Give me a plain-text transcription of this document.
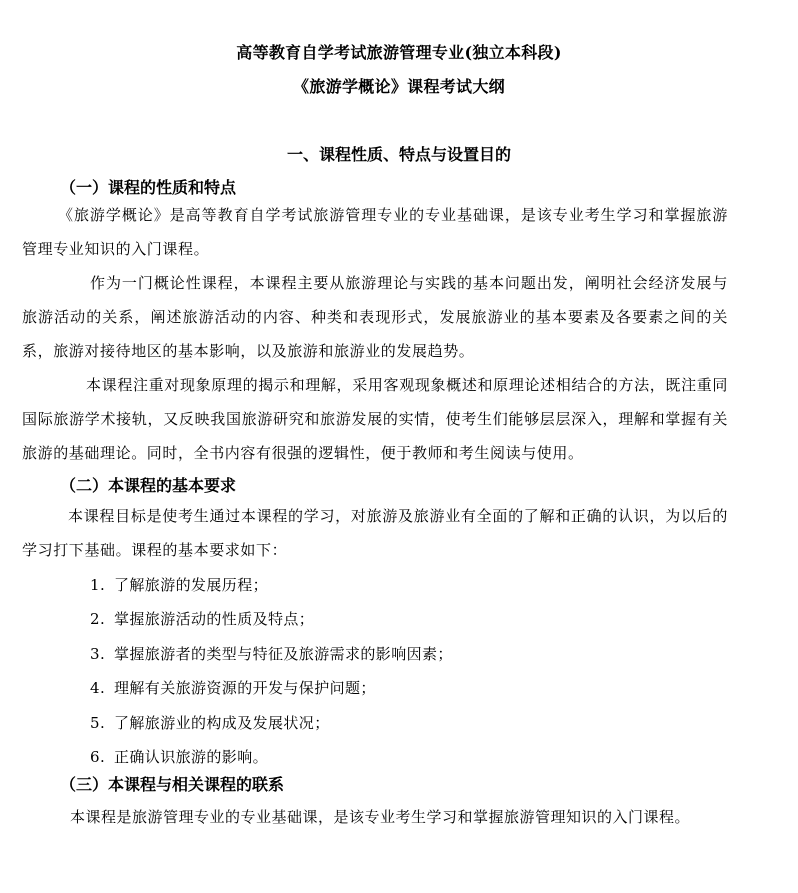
高等教育自学考试旅游管理专业(独立本科段)
《旅游学概论》课程考试大纲
一、课程性质、特点与设置目的
（一）课程的性质和特点
《旅游学概论》是高等教育自学考试旅游管理专业的专业基础课，是该专业考生学习和掌握旅游管理专业知识的入门课程。
作为一门概论性课程，本课程主要从旅游理论与实践的基本问题出发，阐明社会经济发展与旅游活动的关系，阐述旅游活动的内容、种类和表现形式，发展旅游业的基本要素及各要素之间的关系，旅游对接待地区的基本影响，以及旅游和旅游业的发展趋势。
本课程注重对现象原理的揭示和理解，采用客观现象概述和原理论述相结合的方法，既注重同国际旅游学术接轨，又反映我国旅游研究和旅游发展的实情，使考生们能够层层深入，理解和掌握有关旅游的基础理论。同时，全书内容有很强的逻辑性，便于教师和考生阅读与使用。
（二）本课程的基本要求
本课程目标是使考生通过本课程的学习，对旅游及旅游业有全面的了解和正确的认识，为以后的学习打下基础。课程的基本要求如下：
1. 了解旅游的发展历程；
2. 掌握旅游活动的性质及特点；
3. 掌握旅游者的类型与特征及旅游需求的影响因素；
4. 理解有关旅游资源的开发与保护问题；
5. 了解旅游业的构成及发展状况；
6. 正确认识旅游的影响。
（三）本课程与相关课程的联系
本课程是旅游管理专业的专业基础课，是该专业考生学习和掌握旅游管理知识的入门课程。
